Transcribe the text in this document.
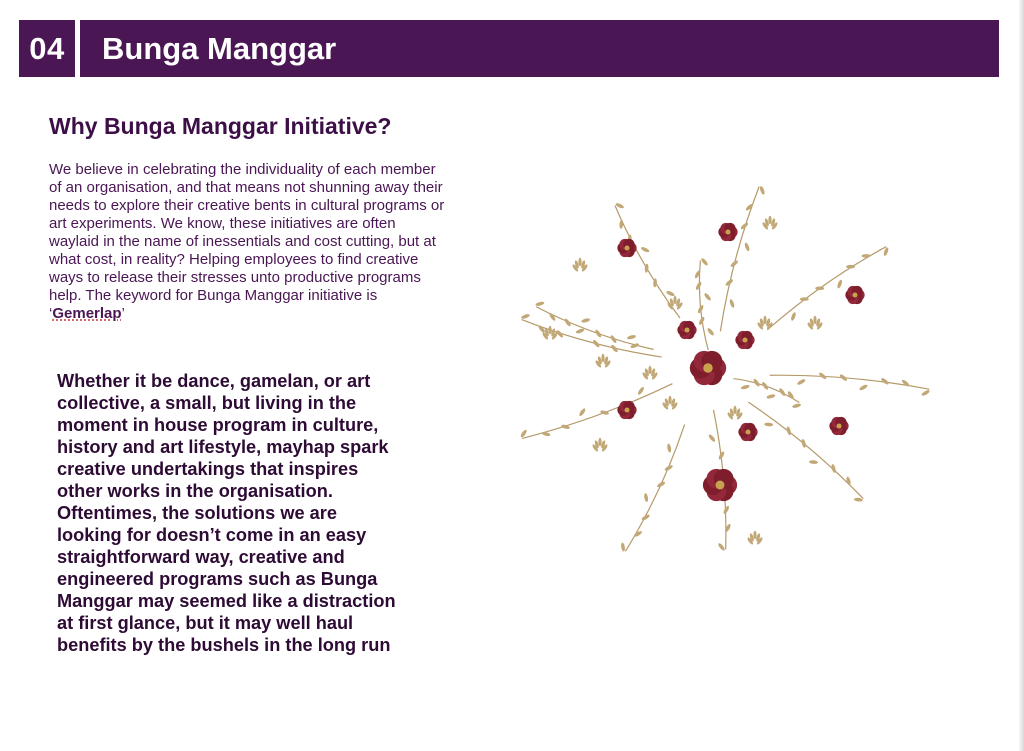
04	Bunga Manggar
Why Bunga Manggar Initiative?

We believe in celebrating the individuality of each member of an organisation, and that means not shunning away their needs to explore their creative bents in cultural programs or art experiments. We know, these initiatives are often waylaid in the name of inessentials and cost cutting, but at what cost, in reality? Helping employees to find creative ways to release their stresses unto productive programs help. The keyword for Bunga Manggar initiative is ‘Gemerlap’

Whether it be dance, gamelan, or art collective, a small, but living in the moment in house program in culture, history and art lifestyle, mayhap spark creative undertakings that inspires other works in the organisation. Oftentimes, the solutions we are looking for doesn’t come in an easy straightforward way, creative and engineered programs such as Bunga Manggar may seemed like a distraction at first glance, but it may well haul benefits by the bushels in the long run
